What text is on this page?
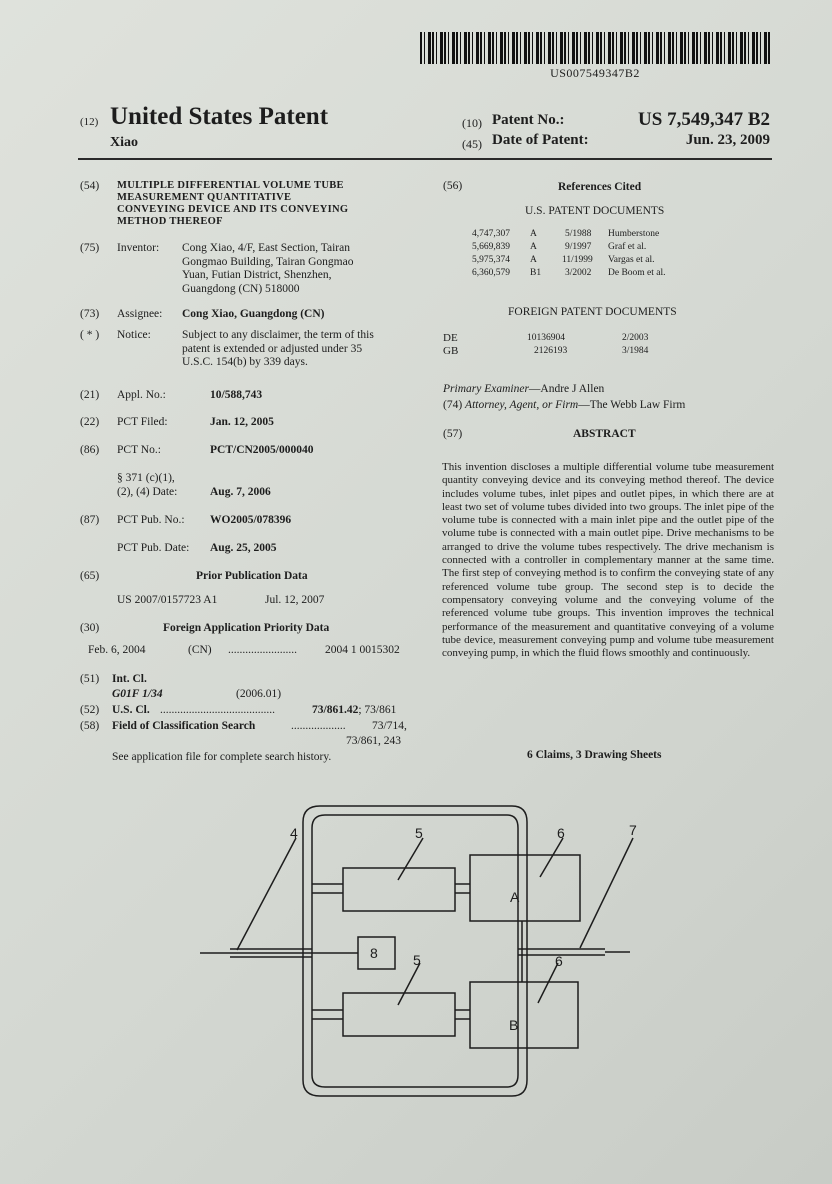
US007549347B2
(12) United States Patent
Xiao
(10) Patent No.:	US 7,549,347 B2
(45) Date of Patent:	Jun. 23, 2009
(54) MULTIPLE DIFFERENTIAL VOLUME TUBE
MEASUREMENT QUANTITATIVE
CONVEYING DEVICE AND ITS CONVEYING
METHOD THEREOF
(75) Inventor: Cong Xiao, 4/F, East Section, Tairan
Gongmao Building, Tairan Gongmao
Yuan, Futian District, Shenzhen,
Guangdong (CN) 518000
(73) Assignee: Cong Xiao, Guangdong (CN)
( * ) Notice:	Subject to any disclaimer, the term of this
patent is extended or adjusted under 35
U.S.C. 154(b) by 339 days.
(21) Appl. No.:	10/588,743
(22) PCT Filed:	Jan. 12, 2005
(86) PCT No.:	PCT/CN2005/000040
§ 371 (c)(1),
(2), (4) Date:	Aug. 7, 2006
(87) PCT Pub. No.: WO2005/078396
PCT Pub. Date: Aug. 25, 2005
(65)	Prior Publication Data
US 2007/0157723 A1	Jul. 12, 2007
(30)	Foreign Application Priority Data
Feb. 6, 2004	(CN) ........................ 2004 1 0015302
(51) Int. Cl.
G01F 1/34	(2006.01)
(52) U.S. Cl. ........................................	73/861.42; 73/861
(58) Field of Classification Search	................... 73/714,
73/861, 243
See application file for complete search history.
(56)	References Cited
U.S. PATENT DOCUMENTS
4,747,307 A	5/1988 Humberstone
5,669,839 A	9/1997 Graf et al.
5,975,374 A	11/1999 Vargas et al.
6,360,579 B1	3/2002 De Boom et al.
FOREIGN PATENT DOCUMENTS
DE	10136904	2/2003
GB	2126193	3/1984
Primary Examiner—Andre J Allen
(74) Attorney, Agent, or Firm—The Webb Law Firm
(57)	ABSTRACT
This invention discloses a multiple differential volume tube measurement quantity conveying device and its conveying method thereof. The device includes volume tubes, inlet pipes and outlet pipes, in which there are at least two set of volume tubes divided into two groups. The inlet pipe of the volume tube is connected with a main inlet pipe and the outlet pipe of the volume tube is connected with a main outlet pipe. Drive mechanisms to be arranged to drive the volume tubes respectively. The drive mechanism is connected with a controller in complementary manner at the same time. The first step of conveying method is to confirm the conveying state of any referenced volume tube group. The second step is to decide the compensatory conveying volume and the conveying volume of the referenced volume tube groups. This invention improves the technical performance of the measurement and quantitative conveying of a volume tube device, measurement conveying pump and volume tube measurement conveying pump, in which the fluid flows smoothly and continuously.
6 Claims, 3 Drawing Sheets
4	5	6	7
8	5	6
A
B
